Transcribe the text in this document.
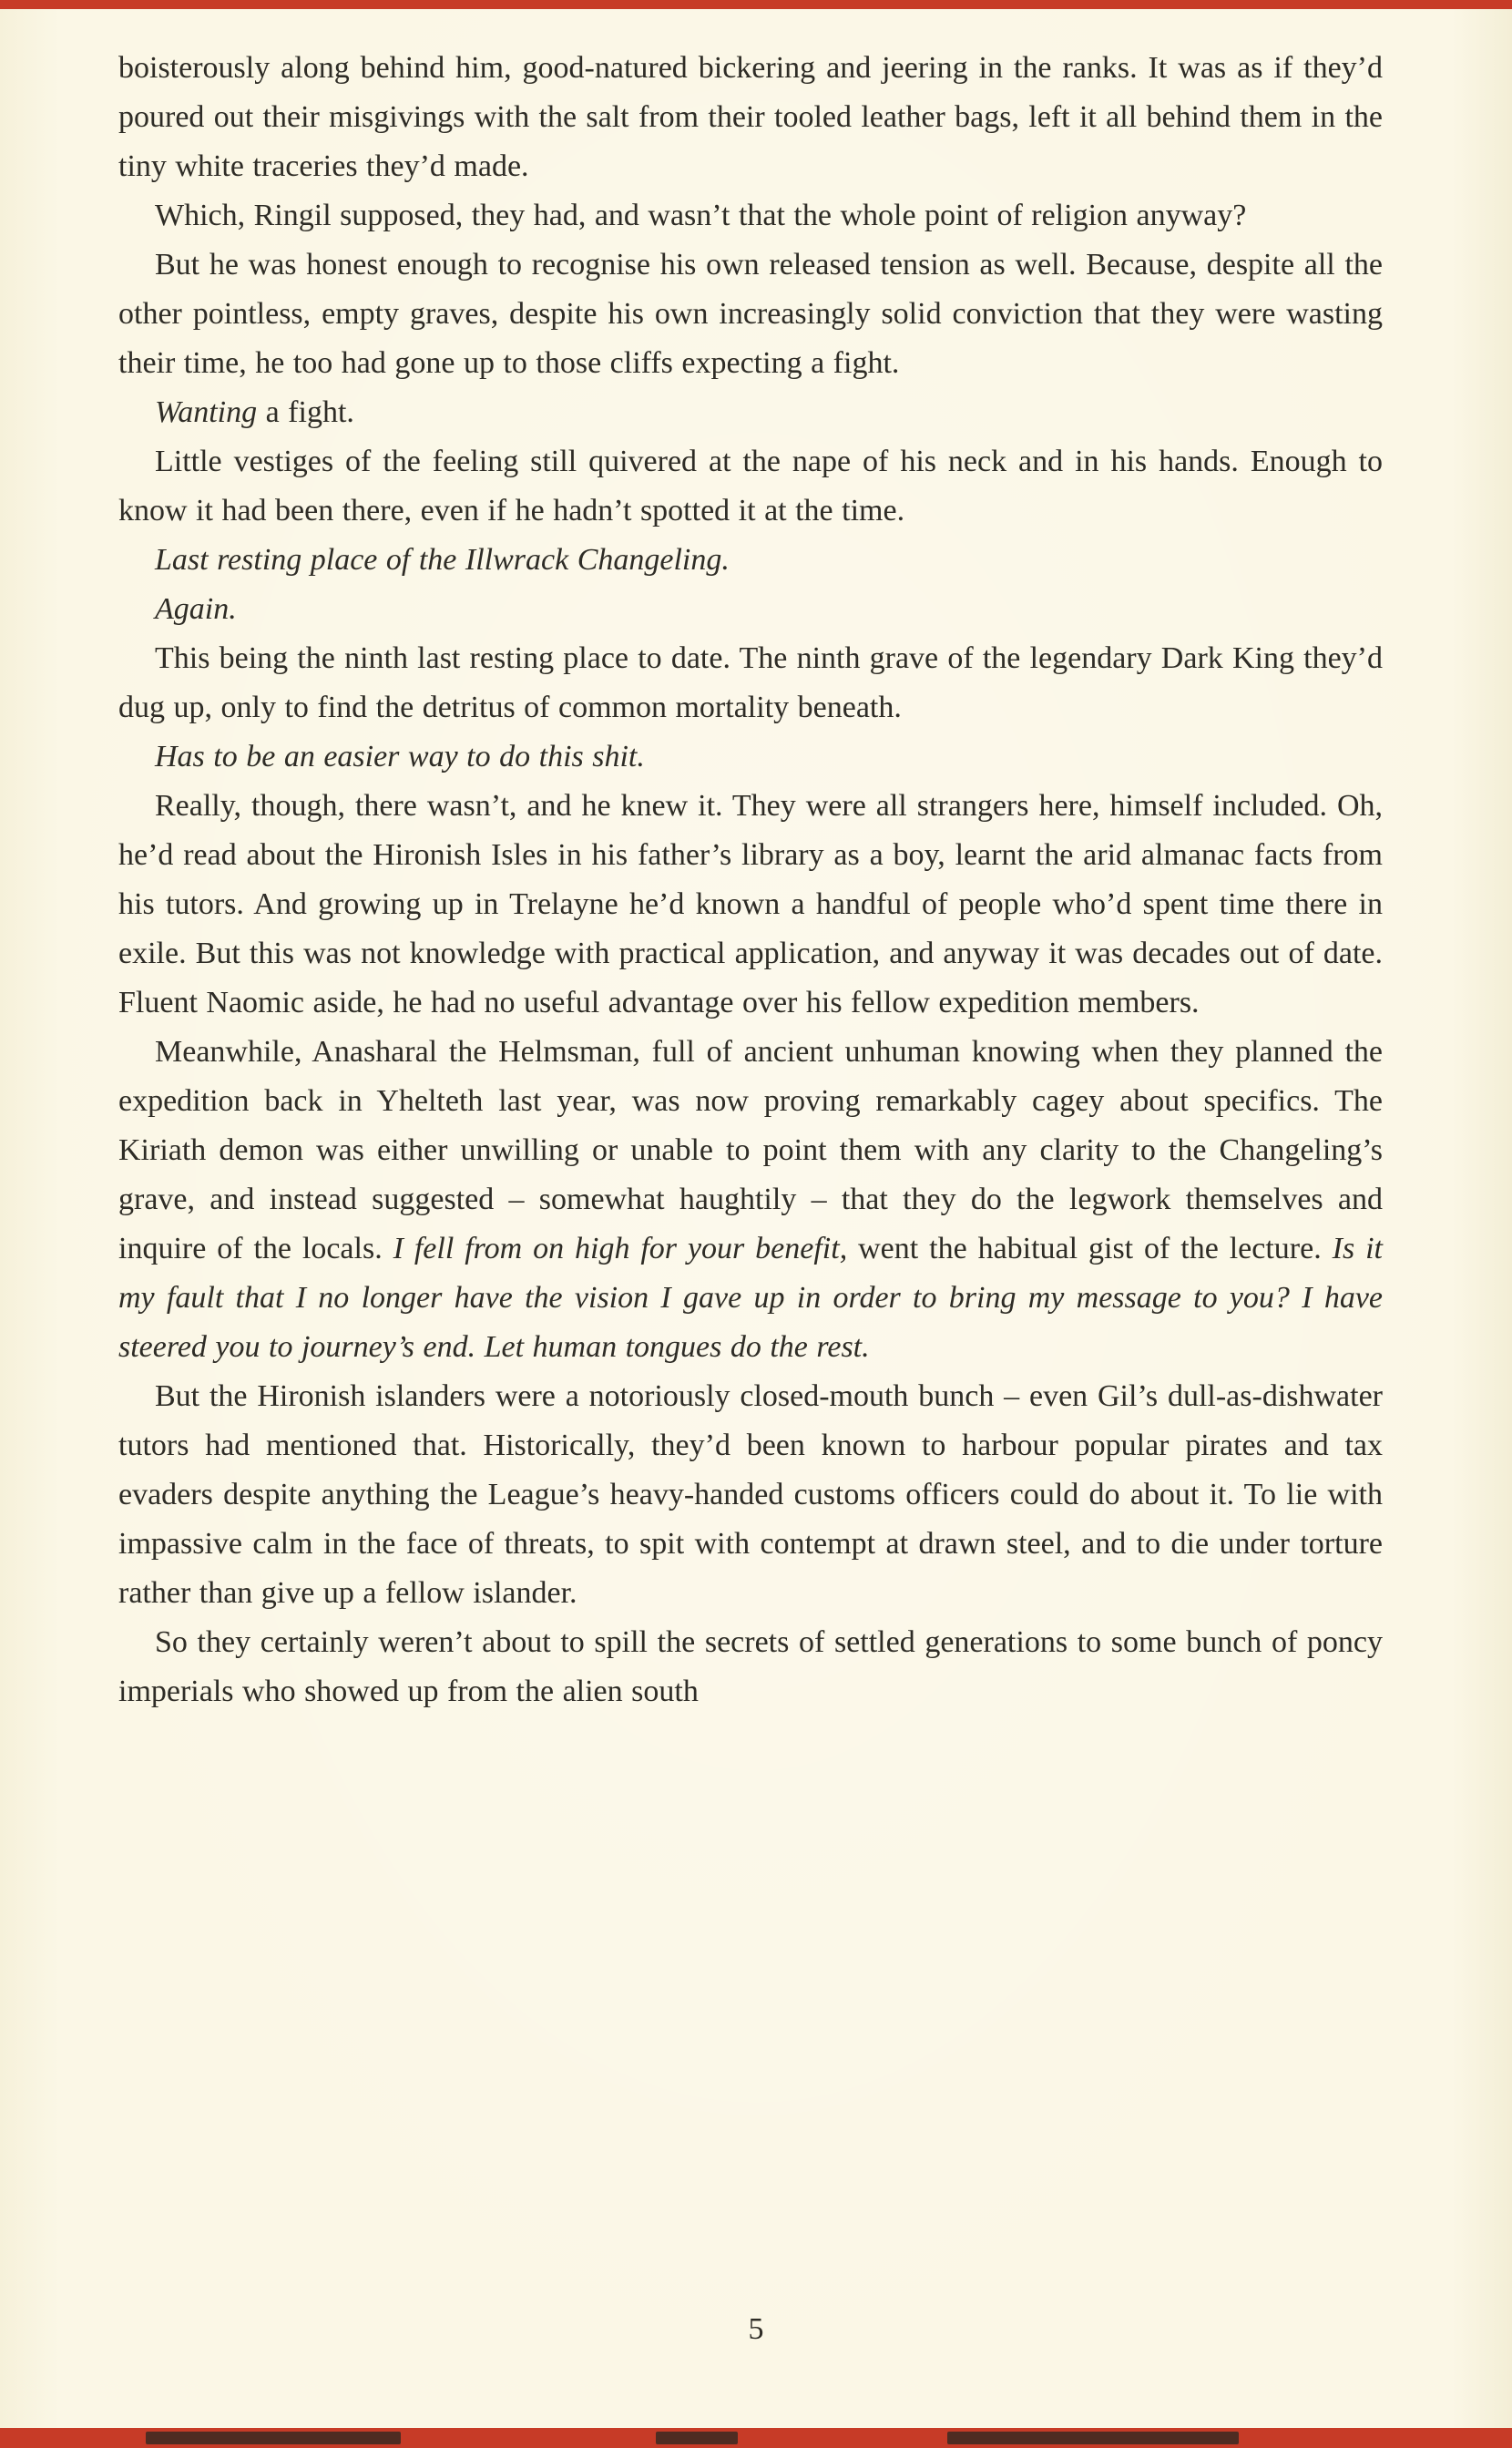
boisterously along behind him, good-natured bickering and jeering in the ranks. It was as if they’d poured out their misgivings with the salt from their tooled leather bags, left it all behind them in the tiny white traceries they’d made.

Which, Ringil supposed, they had, and wasn’t that the whole point of religion anyway?

But he was honest enough to recognise his own released tension as well. Because, despite all the other pointless, empty graves, despite his own increasingly solid conviction that they were wasting their time, he too had gone up to those cliffs expecting a fight.

Wanting a fight.

Little vestiges of the feeling still quivered at the nape of his neck and in his hands. Enough to know it had been there, even if he hadn’t spotted it at the time.

Last resting place of the Illwrack Changeling.

Again.

This being the ninth last resting place to date. The ninth grave of the legendary Dark King they’d dug up, only to find the detritus of common mortality beneath.

Has to be an easier way to do this shit.

Really, though, there wasn’t, and he knew it. They were all strangers here, himself included. Oh, he’d read about the Hironish Isles in his father’s library as a boy, learnt the arid almanac facts from his tutors. And growing up in Trelayne he’d known a handful of people who’d spent time there in exile. But this was not knowledge with practical application, and anyway it was decades out of date. Fluent Naomic aside, he had no useful advantage over his fellow expedition members.

Meanwhile, Anasharal the Helmsman, full of ancient unhuman knowing when they planned the expedition back in Yhelteth last year, was now proving remarkably cagey about specifics. The Kiriath demon was either unwilling or unable to point them with any clarity to the Changeling’s grave, and instead suggested – somewhat haughtily – that they do the legwork themselves and inquire of the locals. I fell from on high for your benefit, went the habitual gist of the lecture. Is it my fault that I no longer have the vision I gave up in order to bring my message to you? I have steered you to journey’s end. Let human tongues do the rest.

But the Hironish islanders were a notoriously closed-mouth bunch – even Gil’s dull-as-dishwater tutors had mentioned that. Historically, they’d been known to harbour popular pirates and tax evaders despite anything the League’s heavy-handed customs officers could do about it. To lie with impassive calm in the face of threats, to spit with contempt at drawn steel, and to die under torture rather than give up a fellow islander.

So they certainly weren’t about to spill the secrets of settled generations to some bunch of poncy imperials who showed up from the alien south

5
